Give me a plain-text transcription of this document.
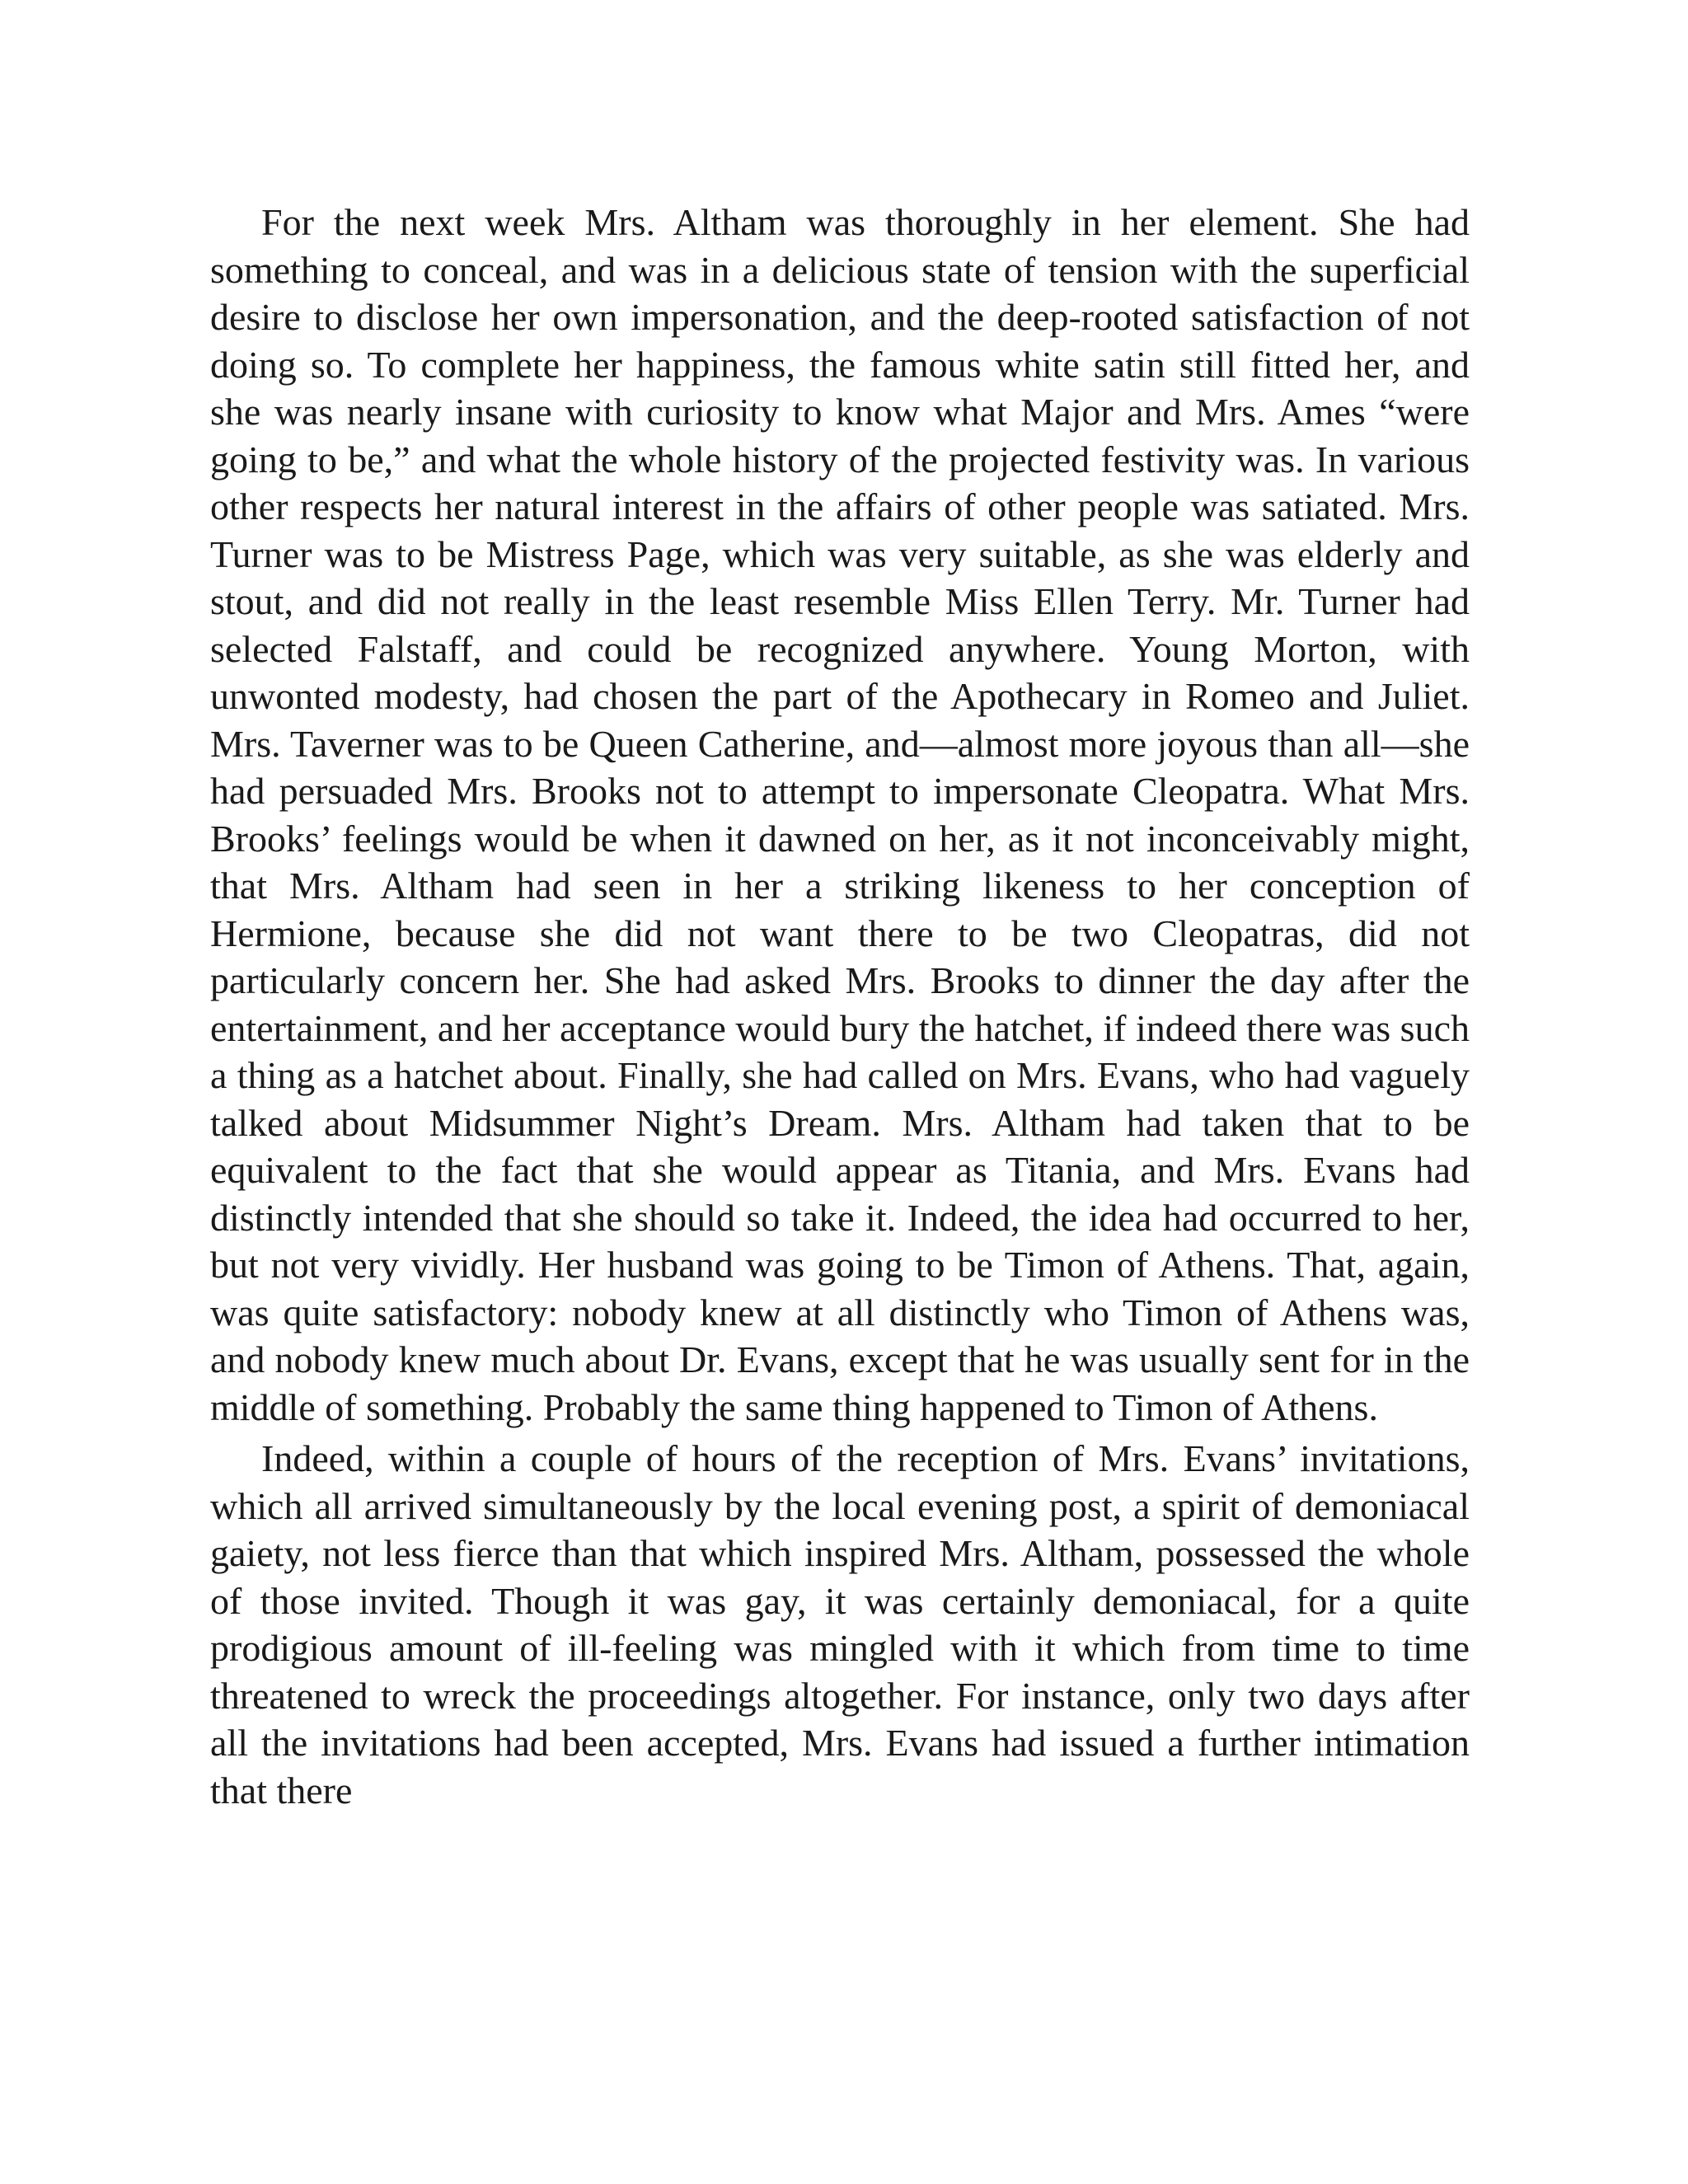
For the next week Mrs. Altham was thoroughly in her element. She had something to conceal, and was in a delicious state of tension with the superficial desire to disclose her own impersonation, and the deep-rooted satisfaction of not doing so. To complete her happiness, the famous white satin still fitted her, and she was nearly insane with curiosity to know what Major and Mrs. Ames “were going to be,” and what the whole history of the projected festivity was. In various other respects her natural interest in the affairs of other people was satiated. Mrs. Turner was to be Mistress Page, which was very suitable, as she was elderly and stout, and did not really in the least resemble Miss Ellen Terry. Mr. Turner had selected Falstaff, and could be recognized anywhere. Young Morton, with unwonted modesty, had chosen the part of the Apothecary in Romeo and Juliet. Mrs. Taverner was to be Queen Catherine, and—almost more joyous than all—she had persuaded Mrs. Brooks not to attempt to impersonate Cleopatra. What Mrs. Brooks’ feelings would be when it dawned on her, as it not inconceivably might, that Mrs. Altham had seen in her a striking likeness to her conception of Hermione, because she did not want there to be two Cleopatras, did not particularly concern her. She had asked Mrs. Brooks to dinner the day after the entertainment, and her acceptance would bury the hatchet, if indeed there was such a thing as a hatchet about. Finally, she had called on Mrs. Evans, who had vaguely talked about Midsummer Night’s Dream. Mrs. Altham had taken that to be equivalent to the fact that she would appear as Titania, and Mrs. Evans had distinctly intended that she should so take it. Indeed, the idea had occurred to her, but not very vividly. Her husband was going to be Timon of Athens. That, again, was quite satisfactory: nobody knew at all distinctly who Timon of Athens was, and nobody knew much about Dr. Evans, except that he was usually sent for in the middle of something. Probably the same thing happened to Timon of Athens.

Indeed, within a couple of hours of the reception of Mrs. Evans’ invitations, which all arrived simultaneously by the local evening post, a spirit of demoniacal gaiety, not less fierce than that which inspired Mrs. Altham, possessed the whole of those invited. Though it was gay, it was certainly demoniacal, for a quite prodigious amount of ill-feeling was mingled with it which from time to time threatened to wreck the proceedings altogether. For instance, only two days after all the invitations had been accepted, Mrs. Evans had issued a further intimation that there
